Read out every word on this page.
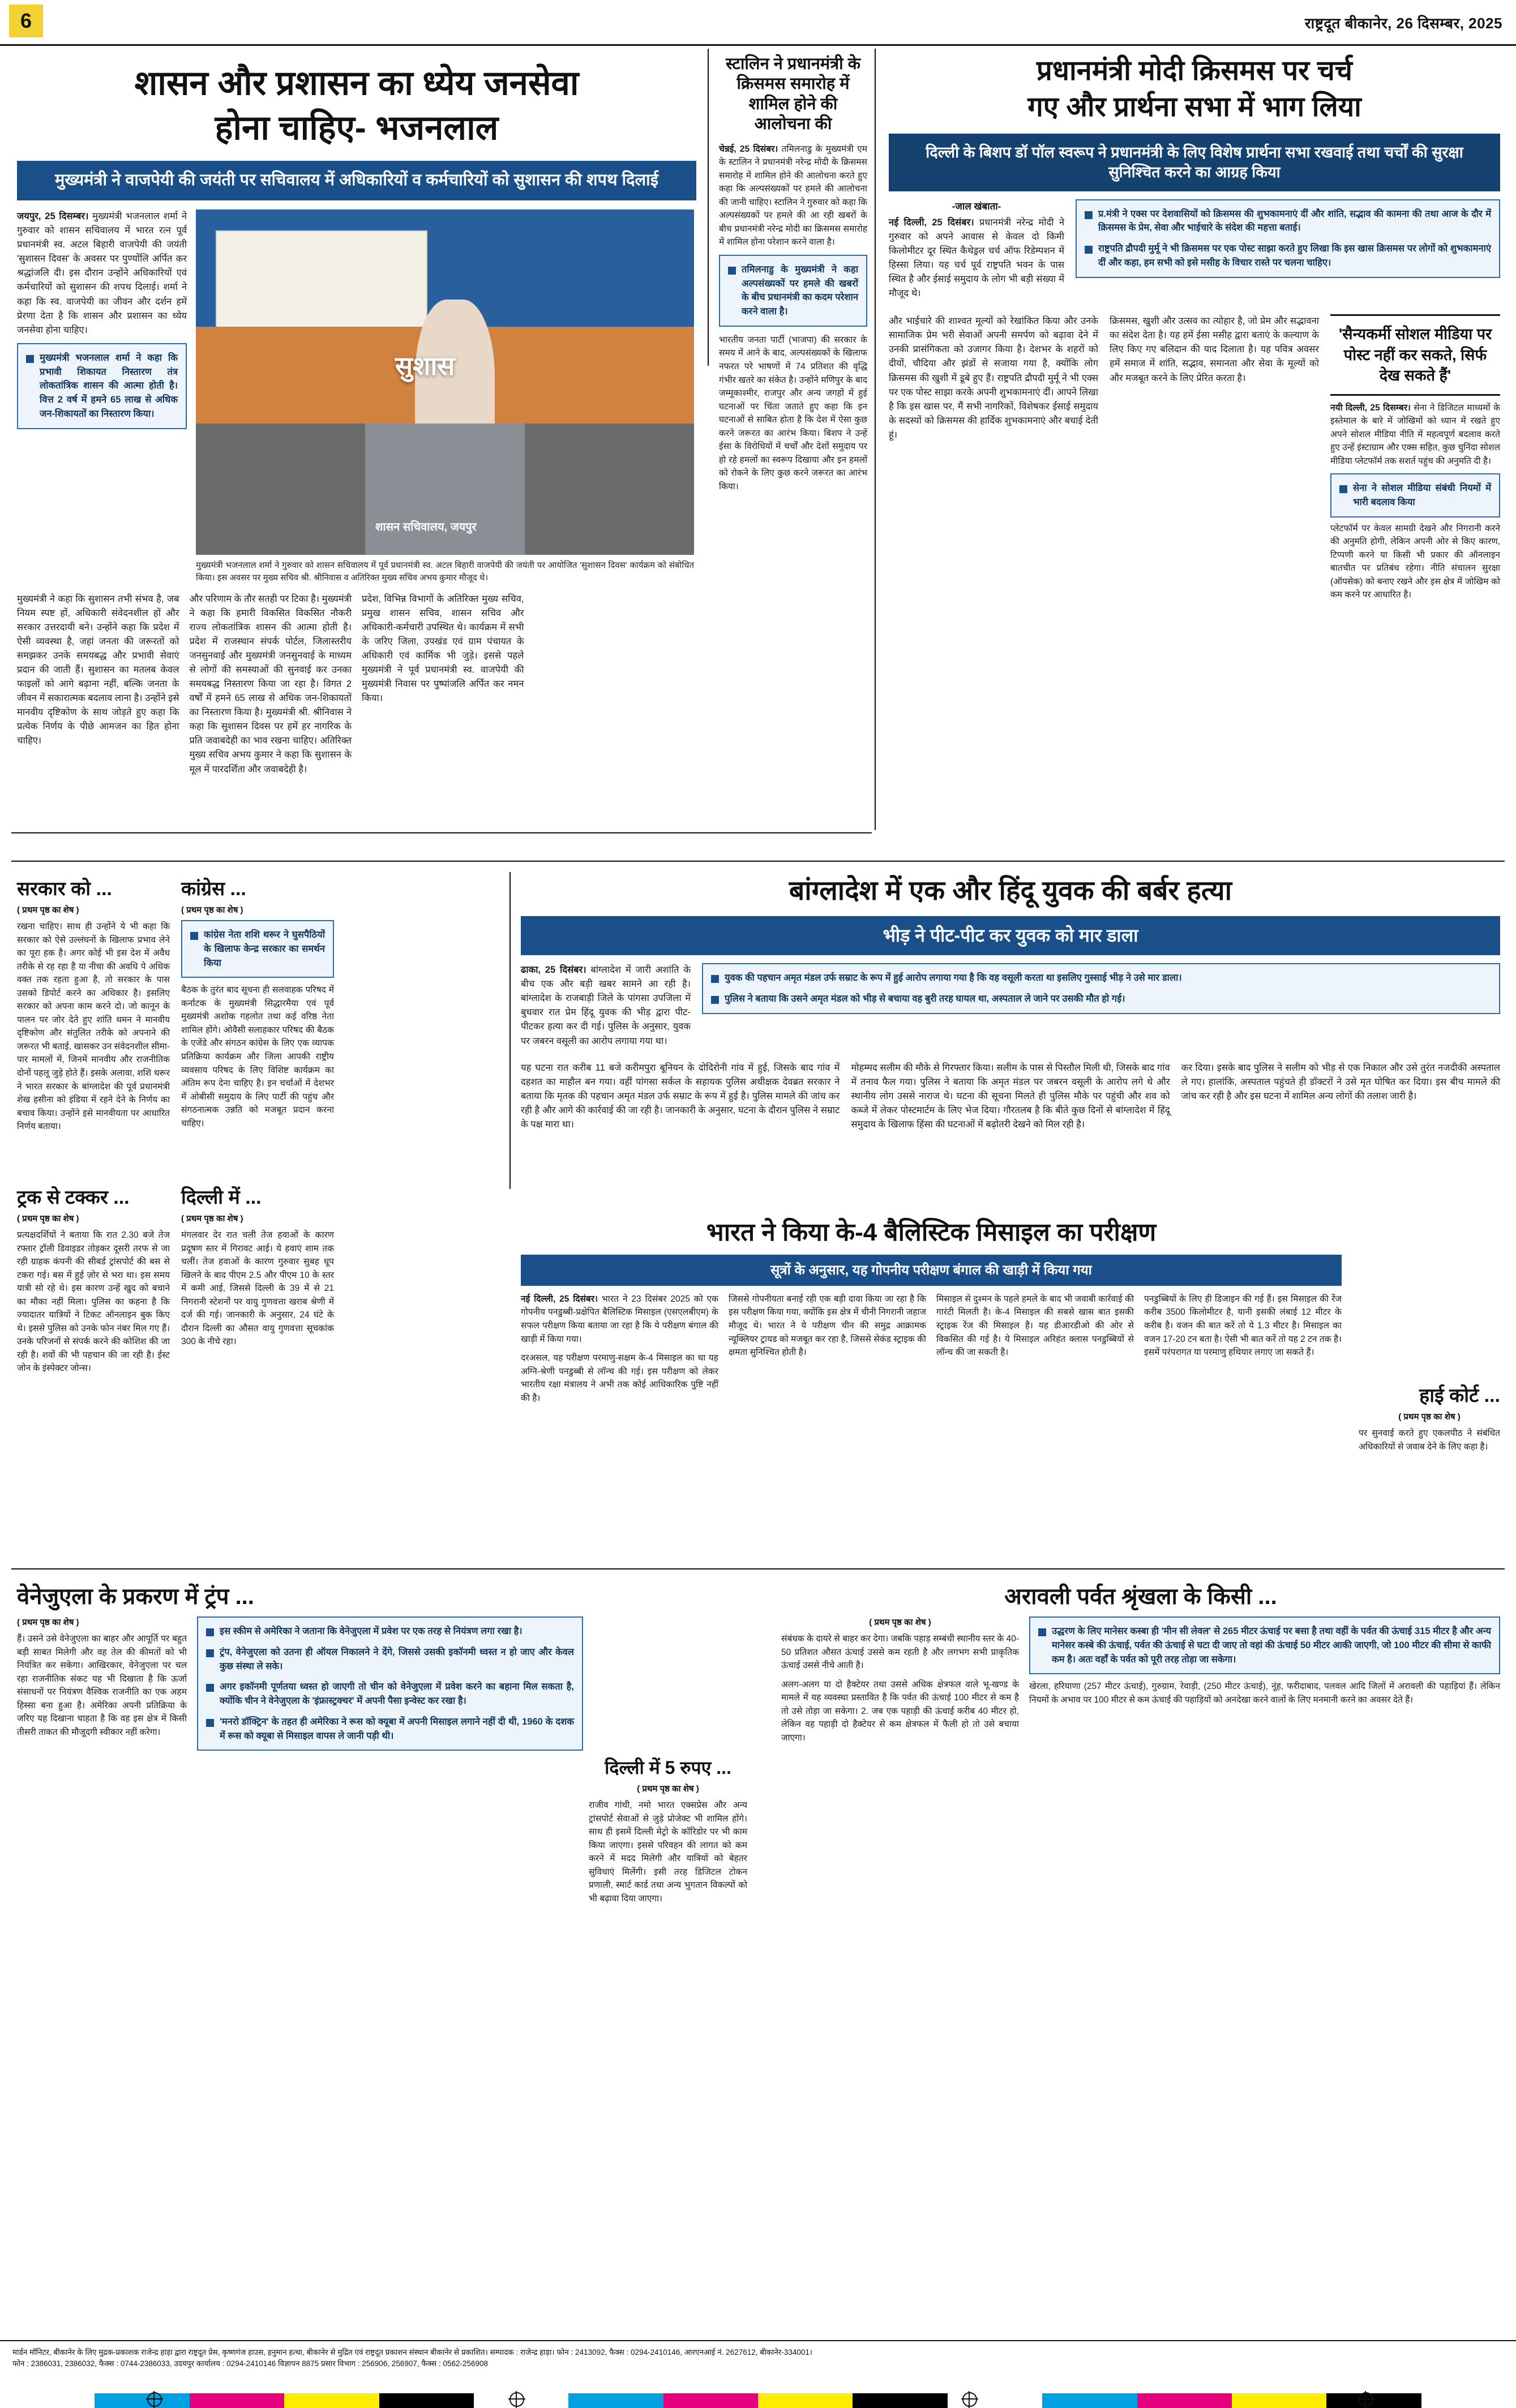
6	राष्ट्रदूत बीकानेर, 26 दिसम्बर, 2025
शासन और प्रशासन का ध्येय जनसेवा
होना चाहिए- भजनलाल
मुख्यमंत्री ने वाजपेयी की जयंती पर सचिवालय में अधिकारियों व कर्मचारियों को सुशासन की शपथ दिलाई

जयपुर, 25 दिसम्बर। मुख्यमंत्री भजनलाल शर्मा ने गुरुवार को शासन सचिवालय में भारत रत्न पूर्व प्रधानमंत्री स्व. अटल बिहारी वाजपेयी की जयंती 'सुशासन दिवस' के अवसर पर पुण्योंलि अर्पित कर श्रद्धांजलि दी। इस दौरान उन्होंने अधिकारियों एवं कर्मचारियों को सुशासन की शपथ दिलाई। शर्मा ने कहा कि स्व. वाजपेयी का जीवन और दर्शन हमें प्रेरणा देता है कि शासन और प्रशासन का ध्येय जनसेवा होना चाहिए।

मुख्यमंत्री भजनलाल शर्मा ने कहा कि प्रभावी शिकायत निस्तारण तंत्र लोकतांत्रिक शासन की आत्मा होती है। वित्त 2 वर्ष में हमने 65 लाख से अधिक जन-शिकायतों का निस्तारण किया।
सुशास
शासन सचिवालय, जयपुर
मुख्यमंत्री भजनलाल शर्मा ने गुरुवार को शासन सचिवालय में पूर्व प्रधानमंत्री स्व. अटल बिहारी वाजपेयी की जयंती पर आयोजित 'सुशासन दिवस' कार्यक्रम को संबोधित किया। इस अवसर पर मुख्य सचिव श्री. श्रीनिवास व अतिरिक्त मुख्य सचिव अभय कुमार मौजूद थे।
मुख्यमंत्री ने कहा कि सुशासन तभी संभव है, जब नियम स्पष्ट हों, अधिकारी संवेदनशील हों और सरकार उत्तरदायी बने। उन्होंने कहा कि प्रदेश में ऐसी व्यवस्था है, जहां जनता की जरूरतों को समझकर उनके समयबद्ध और प्रभावी सेवाएं प्रदान की जाती हैं। सुशासन का मतलब केवल फाइलों को आगे बढ़ाना नहीं, बल्कि जनता के जीवन में सकारात्मक बदलाव लाना है। उन्होंने इसे मानवीय दृष्टिकोण के साथ जोड़ते हुए कहा कि प्रत्येक निर्णय के पीछे आमजन का हित होना चाहिए।
और परिणाम के तौर सतही पर टिका है। मुख्यमंत्री ने कहा कि हमारी विकसित विकसित नौकरी राज्य लोकतांत्रिक शासन की आत्मा होती है। प्रदेश में राजस्थान संपर्क पोर्टल, जिलास्तरीय जनसुनवाई और मुख्यमंत्री जनसुनवाई के माध्यम से लोगों की समस्याओं की सुनवाई कर उनका समयबद्ध निस्तारण किया जा रहा है। विगत 2 वर्षों में हमने 65 लाख से अधिक जन-शिकायतों का निस्तारण किया है। मुख्यमंत्री श्री. श्रीनिवास ने कहा कि सुशासन दिवस पर हमें हर नागरिक के प्रति जवाबदेही का भाव रखना चाहिए। अतिरिक्त मुख्य सचिव अभय कुमार ने कहा कि सुशासन के मूल में पारदर्शिता और जवाबदेही है।
प्रदेश, विभिन्न विभागों के अतिरिक्त मुख्य सचिव, प्रमुख शासन सचिव, शासन सचिव और अधिकारी-कर्मचारी उपस्थित थे। कार्यक्रम में सभी के जरिए जिला, उपखंड एवं ग्राम पंचायत के अधिकारी एवं कार्मिक भी जुड़े। इससे पहले मुख्यमंत्री ने पूर्व प्रधानमंत्री स्व. वाजपेयी की मुख्यमंत्री निवास पर पुष्पांजलि अर्पित कर नमन किया।
स्टालिन ने प्रधानमंत्री के क्रिसमस समारोह में शामिल होने की आलोचना की

चेन्नई, 25 दिसंबर। तमिलनाडु के मुख्यमंत्री एम के स्टालिन ने प्रधानमंत्री नरेन्द्र मोदी के क्रिसमस समारोह में शामिल होने की आलोचना करते हुए कहा कि अल्पसंख्यकों पर हमले की आलोचना की जानी चाहिए। स्टालिन ने गुरुवार को कहा कि अल्पसंख्यकों पर हमले की आ रही खबरों के बीच प्रधानमंत्री नरेन्द्र मोदी का क्रिसमस समारोह में शामिल होना परेशान करने वाला है।

तमिलनाडु के मुख्यमंत्री ने कहा अल्पसंख्यकों पर हमले की खबरों के बीच प्रधानमंत्री का कदम परेशान करने वाला है।
भारतीय जनता पार्टी (भाजपा) की सरकार के समय में आने के बाद, अल्पसंख्यकों के खिलाफ नफरत परे भाषणों में 74 प्रतिशत की वृद्धि गंभीर खतरे का संकेत है। उन्होंने मणिपुर के बाद जम्मूकाश्मीर, राजपुर और अन्य जगहों में हुई घटनाओं पर चिंता जताते हुए कहा कि इन घटनाओं से साबित होता है कि देश में ऐसा कुछ करने जरूरत का आरंभ किया। बिशप ने उन्हें ईसा के विरोधियों में चर्चों और देशों समुदाय पर हो रहे हमलों का स्वरूप दिखाया और इन हमलों को रोकने के लिए कुछ करने जरूरत का आरंभ किया।
प्रधानमंत्री मोदी क्रिसमस पर चर्च
गए और प्रार्थना सभा में भाग लिया
दिल्ली के बिशप डॉ पॉल स्वरूप ने प्रधानमंत्री के लिए विशेष प्रार्थना सभा रखवाई तथा चर्चों की सुरक्षा सुनिश्चित करने का आग्रह किया
-जाल खंबाता-

नई दिल्ली, 25 दिसंबर। प्रधानमंत्री नरेन्द्र मोदी ने गुरुवार को अपने आवास से केवल दो किमी किलोमीटर दूर स्थित कैथेड्रल चर्च ऑफ रिडेम्पशन में हिस्सा लिया। यह चर्च पूर्व राष्ट्रपति भवन के पास स्थित है और ईसाई समुदाय के लोग भी बड़ी संख्या में मौजूद थे।

प्र.मंत्री ने एक्स पर देशवासियों को क्रिसमस की शुभकामनाएं दीं और शांति, सद्भाव की कामना की तथा आज के दौर में क्रिसमस के प्रेम, सेवा और भाईचारे के संदेश की महत्ता बताई।
राष्ट्रपति द्रौपदी मुर्मू ने भी क्रिसमस पर एक पोस्ट साझा करते हुए लिखा कि इस खास क्रिसमस पर लोगों को शुभकामनाएं दीं और कहा, हम सभी को इसे मसीह के विचार रास्ते पर चलना चाहिए।
और भाईचारे की शाश्वत मूल्यों को रेखांकित किया और उनके सामाजिक प्रेम भरी सेवाओं अपनी समर्पण को बढ़ावा देने में उनकी प्रासंगिकता को उजागर किया है। देशभर के शहरों को दीयों, चौदिया और झंडों से सजाया गया है, क्योंकि लोग क्रिसमस की खुशी में डूबे हुए हैं। राष्ट्रपति द्रौपदी मुर्मू ने भी एक्स पर एक पोस्ट साझा करके अपनी शुभकामनाएं दीं। आपने लिखा है कि इस खास पर, मैं सभी नागरिकों, विशेषकर ईसाई समुदाय के सदस्यों को क्रिसमस की हार्दिक शुभकामनाएं और बधाई देती हूं।
क्रिसमस, खुशी और उत्सव का त्योहार है, जो प्रेम और सद्भावना का संदेश देता है। यह हमें ईसा मसीह द्वारा बताएं के कल्याण के लिए किए गए बलिदान की याद दिलाता है। यह पवित्र अवसर हमें समाज में शांति, सद्भाव, समानता और सेवा के मूल्यों को और मजबूत करने के लिए प्रेरित करता है।
'सैन्यकर्मी सोशल मीडिया पर पोस्ट नहीं कर सकते, सिर्फ देख सकते हैं'

नयी दिल्ली, 25 दिसम्बर। सेना ने डिजिटल माध्यमों के इस्तेमाल के बारे में जोखिमों को ध्यान में रखते हुए अपने सोशल मीडिया नीति में महत्वपूर्ण बदलाव करते हुए उन्हें इंस्टाग्राम और एक्स सहित, कुछ चुनिंदा सोशल मीडिया प्लेटफॉर्म तक सशर्त पहुंच की अनुमति दी है।

सेना ने सोशल मीडिया संबंधी नियमों में भारी बदलाव किया
प्लेटफॉर्म पर केवल सामग्री देखने और निगरानी करने की अनुमति होगी, लेकिन अपनी ओर से किए कारण, टिप्पणी करने या किसी भी प्रकार की ऑनलाइन बातचीत पर प्रतिबंध रहेगा। नीति संचालन सुरक्षा (ऑपसेक) को बनाए रखने और इस क्षेत्र में जोखिम को कम करने पर आधारित है।
सरकार को ...
( प्रथम पृष्ठ का शेष )
रखना चाहिए। साथ ही उन्होंने ये भी कहा कि सरकार को ऐसे उल्लंघनों के खिलाफ प्रभाव लेने का पूरा हक है। अगर कोई भी इस देश में अवैध तरीके से रह रहा है या नीचा की अवधि पे अधिक वक्त तक रहता हुआ है, तो सरकार के पास उसको डिपोर्ट करने का अधिकार है। इसलिए सरकार को अपना काम करने दो। जो कानून के पालन पर जोर देते हुए शांति थमन ने मानवीय दृष्टिकोण और संतुलित तरीके को अपनाने की जरूरत भी बताई, खासकर उन संवेदनशील सीमा-पार मामलों में, जिनमें मानवीय और राजनीतिक दोनों पहलू जुड़े होते हैं। इसके अलावा, शशि थरूर ने भारत सरकार के बांग्लादेश की पूर्व प्रधानमंत्री शेख हसीना को इंडिया में रहने देने के निर्णय का बचाव किया। उन्होंने इसे मानवीयता पर आधारित निर्णय बताया।
कांग्रेस ...
( प्रथम पृष्ठ का शेष )
कांग्रेस नेता शशि थरूर ने घुसपैठियों के खिलाफ केन्द्र सरकार का समर्थन किया
बैठक के तुरंत बाद सूचना ही सलवाहक परिषद में कर्नाटक के मुख्यमंत्री सिद्धारमैया एवं पूर्व मुख्यमंत्री अशोक गहलोत तथा कई वरिष्ठ नेता शामिल होंगे। ओवैसी सलाहकार परिषद की बैठक के एजेंडे और संगठन कांग्रेस के लिए एक व्यापक प्रतिक्रिया कार्यक्रम और जिला आपकी राष्ट्रीय व्यवसाय परिषद के लिए विशिष्ट कार्यक्रम का अंतिम रूप देना चाहिए है। इन चर्चाओं में देशभर में ओबीसी समुदाय के लिए पार्टी की पहुंच और संगठनात्मक उन्नति को मजबूत प्रदान करना चाहिए।
ट्रक से टक्कर ...
( प्रथम पृष्ठ का शेष )
प्रत्यक्षदर्शियों ने बताया कि रात 2.30 बजे तेज रफ्तार ट्रॉली डिवाइडर तोड़कर दूसरी तरफ से जा रही ग्राहक कंपनी की सीबर्ड ट्रांसपोर्ट की बस से टकरा गई। बस में हुई ज़ोर से भरा था। इस समय यात्री सो रहे थे। इस कारण उन्हें खुद को बचाने का मौका नहीं मिला। पुलिस का कहना है कि ज्यादातर यात्रियों ने टिकट ऑनलाइन बुक किए थे। इससे पुलिस को उनके फोन नंबर मिल गए हैं। उनके परिजनों से संपर्क करने की कोशिश की जा रही है। शवों की भी पहचान की जा रही है। ईस्ट जोन के इंस्पेक्टर जोन्स।
दिल्ली में ...
( प्रथम पृष्ठ का शेष )
मंगलवार देर रात चली तेज हवाओं के कारण प्रदूषण स्तर में गिरावट आई। ये हवाएं शाम तक चलीं। तेज हवाओं के कारण गुरुवार सुबह धूप खिलने के बाद पीएम 2.5 और पीएम 10 के स्तर में कमी आई, जिससे दिल्ली के 39 में से 21 निगरानी स्टेशनों पर वायु गुणवत्ता खराब श्रेणी में दर्ज की गई। जानकारी के अनुसार, 24 घंटे के दौरान दिल्ली का औसत वायु गुणवत्ता सूचकांक 300 के नीचे रहा।
बांग्लादेश में एक और हिंदू युवक की बर्बर हत्या
भीड़ ने पीट-पीट कर युवक को मार डाला

ढाका, 25 दिसंबर। बांग्लादेश में जारी अशांति के बीच एक और बड़ी खबर सामने आ रही है। बांग्लादेश के राजबाड़ी जिले के पांगसा उपजिला में बुधवार रात प्रेम हिंदू युवक की भीड़ द्वारा पीट-पीटकर हत्या कर दी गई। पुलिस के अनुसार, युवक पर जबरन वसूली का आरोप लगाया गया था।

युवक की पहचान अमृत मंडल उर्फ सम्राट के रूप में हुई आरोप लगाया गया है कि वह वसूली करता था इसलिए गुस्साई भीड़ ने उसे मार डाला।
पुलिस ने बताया कि उसने अमृत मंडल को भीड़ से बचाया वह बुरी तरह घायल था, अस्पताल ले जाने पर उसकी मौत हो गई।
यह घटना रात करीब 11 बजे करीमपुरा बूनियन के दोदिरोनी गांव में हुई, जिसके बाद गांव में दहशत का माहौल बन गया। वहीं पांगसा सर्कल के सहायक पुलिस अधीक्षक देवब्रत सरकार ने बताया कि मृतक की पहचान अमृत मंडल उर्फ सम्राट के रूप में हुई है। पुलिस मामले की जांच कर रही है और आगे की कार्रवाई की जा रही है। जानकारी के अनुसार, घटना के दौरान पुलिस ने सम्राट के पक्ष मारा था।
मोहम्मद सलीम की मौके से गिरफ्तार किया। सलीम के पास से पिस्तौल मिली थी, जिसके बाद गांव में तनाव फैल गया। पुलिस ने बताया कि अमृत मंडल पर जबरन वसूली के आरोप लगे थे और स्थानीय लोग उससे नाराज थे। घटना की सूचना मिलते ही पुलिस मौके पर पहुंची और शव को कब्जे में लेकर पोस्टमार्टम के लिए भेज दिया। गौरतलब है कि बीते कुछ दिनों से बांग्लादेश में हिंदू समुदाय के खिलाफ हिंसा की घटनाओं में बढ़ोतरी देखने को मिल रही है।
कर दिया। इसके बाद पुलिस ने सलीम को भीड़ से एक निकाल और उसे तुरंत नजदीकी अस्पताल ले गए। हालांकि, अस्पताल पहुंचते ही डॉक्टरों ने उसे मृत घोषित कर दिया। इस बीच मामले की जांच कर रही है और इस घटना में शामिल अन्य लोगों की तलाश जारी है।
भारत ने किया के-4 बैलिस्टिक मिसाइल का परीक्षण
सूत्रों के अनुसार, यह गोपनीय परीक्षण बंगाल की खाड़ी में किया गया

नई दिल्ली, 25 दिसंबर। भारत ने 23 दिसंबर 2025 को एक गोपनीय पनडुब्बी-प्रक्षेपित बैलिस्टिक मिसाइल (एसएलबीएम) के सफल परीक्षण किया बताया जा रहा है कि ये परीक्षण बंगाल की खाड़ी में किया गया।

दरअसल, यह परीक्षण परमाणु-सक्षम के-4 मिसाइल का था यह अग्नि-श्रेणी पनडुब्बी से लॉन्च की गई। इस परीक्षण को लेकर भारतीय रक्षा मंत्रालय ने अभी तक कोई आधिकारिक पुष्टि नहीं की है।

जिससे गोपनीयता बनाई रही एक बड़ी दावा किया जा रहा है कि इस परीक्षण किया गया, क्योंकि इस क्षेत्र में चीनी निगरानी जहाज मौजूद थे। भारत ने ये परीक्षण चीन की समुद्र आक्रामक न्यूक्लियर ट्रायड को मजबूत कर रहा है, जिससे सेकंड स्ट्राइक की क्षमता सुनिश्चित होती है।
मिसाइल से दुश्मन के पहले हमले के बाद भी जवाबी कार्रवाई की गारंटी मिलती है। के-4 मिसाइल की सबसे खास बात इसकी स्ट्राइक रेंज की मिसाइल है। यह डीआरडीओ की ओर से विकसित की गई है। ये मिसाइल अरिहंत क्लास पनडुब्बियों से लॉन्च की जा सकती है।
पनडुब्बियों के लिए ही डिजाइन की गई हैं। इस मिसाइल की रेंज करीब 3500 किलोमीटर है, यानी इसकी लंबाई 12 मीटर के करीब है। वजन की बात करें तो ये 1.3 मीटर है। मिसाइल का वजन 17-20 टन बता है। ऐसी भी बात करें तो यह 2 टन तक है। इसमें परंपरागत या परमाणु हथियार लगाए जा सकते हैं।
हाई कोर्ट ...
( प्रथम पृष्ठ का शेष )
पर सुनवाई करते हुए एकलपीठ ने संबंधित अधिकारियों से जवाब देने के लिए कहा है।
वेनेजुएला के प्रकरण में ट्रंप ...
( प्रथम पृष्ठ का शेष )
हैं। उसने उसे वेनेजुएला का बाहर और आपूर्ति पर बहुत बड़ी साबत मिलेगी और वह तेल की कीमतों को भी नियंत्रित कर सकेगा। आखिरकार, वेनेजुएला पर चल रहा राजनीतिक संकट यह भी दिखाता है कि ऊर्जा संसाधनों पर नियंत्रण वैश्विक राजनीति का एक अहम हिस्सा बना हुआ है। अमेरिका अपनी प्रतिक्रिया के जरिए यह दिखाना चाहता है कि वह इस क्षेत्र में किसी तीसरी ताकत की मौजूदगी स्वीकार नहीं करेगा।
इस स्कीम से अमेरिका ने जताना कि वेनेजुएला में प्रवेश पर एक तरह से नियंत्रण लगा रखा है।
ट्रंप, वेनेजुएला को उतना ही ऑयल निकालने ने देंगे, जिससे उसकी इकॉनमी ध्वस्त न हो जाए और केवल कुछ संस्था ले सके।
अगर इकॉनमी पूर्णतया ध्वस्त हो जाएगी तो चीन को वेनेजुएला में प्रवेश करने का बहाना मिल सकता है, क्योंकि चीन ने वेनेजुएला के 'इंफ्रास्ट्रक्चर' में अपनी पैसा इन्वेस्ट कर रखा है।
'मनरो डॉक्ट्रिन' के तहत ही अमेरिका ने रूस को क्यूबा में अपनी मिसाइल लगाने नहीं दी थी, 1960 के दशक में रूस को क्यूबा से मिसाइल वापस ले जानी पड़ी थी।
दिल्ली में 5 रुपए ...
( प्रथम पृष्ठ का शेष )
राजीव गांधी, नमो भारत एक्सप्रेस और अन्य ट्रांसपोर्ट सेवाओं से जुड़े प्रोजेक्ट भी शामिल होंगे। साथ ही इसमें दिल्ली मेट्रो के कॉरिडोर पर भी काम किया जाएगा। इससे परिवहन की लागत को कम करने में मदद मिलेगी और यात्रियों को बेहतर सुविधाएं मिलेंगी। इसी तरह डिजिटल टोकन प्रणाली, स्मार्ट कार्ड तथा अन्य भुगतान विकल्पों को भी बढ़ावा दिया जाएगा।
अरावली पर्वत श्रृंखला के किसी ...
( प्रथम पृष्ठ का शेष )
संबंधक के दायरे से बाहर कर देगा। जबकि पहाड़ सम्बंधी स्थानीय स्तर के 40-50 प्रतिशत औसत ऊंचाई उससे कम रहती है और लगभग सभी प्राकृतिक ऊंचाई उससे नीचे आती है।
अलग-अलग या दो हैक्टेयर तथा उससे अधिक क्षेत्रफल वाले भू-खण्ड के मामले में यह व्यवस्था प्रस्तावित है कि पर्वत की ऊंचाई 100 मीटर से कम है तो उसे तोड़ा जा सकेगा। 2. जब एक पहाड़ी की ऊंचाई करीब 40 मीटर हो, लेकिन वह पहाड़ी दो हैक्टेयर से कम क्षेत्रफल में फैली हो तो उसे बचाया जाएगा।
उद्धरण के लिए मानेसर कस्बा ही 'मीन सी लेवल' से 265 मीटर ऊंचाई पर बसा है तथा वहीं के पर्वत की ऊंचाई 315 मीटर है और अन्य मानेसर कस्बे की ऊंचाई, पर्वत की ऊंचाई से घटा दी जाए तो वहां की ऊंचाई 50 मीटर आकी जाएगी, जो 100 मीटर की सीमा से काफी कम है। अतः वहाँ के पर्वत को पूरी तरह तोड़ा जा सकेगा।
खेरला, हरियाणा (257 मीटर ऊंचाई), गुरुग्राम, रेवाड़ी, (250 मीटर ऊंचाई), नूंह, फरीदाबाद, पलवल आदि जिलों में अरावली की पहाड़ियां हैं। लेकिन नियमों के अभाव पर 100 मीटर से कम ऊंचाई की पहाड़ियों को अनदेखा करने वालों के लिए मनमानी करने का अवसर देते हैं।
मार्डन मॉनिटर, बीकानेर के लिए मुद्रक-प्रकाशक राजेन्द्र हाड़ा द्वारा राष्ट्रदूत प्रेस, कृष्णगंज हाउस, हनुमान हत्था, बीकानेर से मुद्रित एवं राष्ट्रदूत प्रकाशन संस्थान बीकानेर से प्रकाशित। सम्पादक : राजेन्द्र हाड़ा। फोन : 2413092, फैक्स : 0294-2410146, आरएनआई नं. 2627612, बीकानेर-334001।
फोन : 2386031, 2386032, फैक्स : 0744-2386033, उदयपुर कार्यालय : 0294-2410146 विज्ञापन 8875 प्रसार विभाग : 256906, 256907, फैक्स : 0562-256908
